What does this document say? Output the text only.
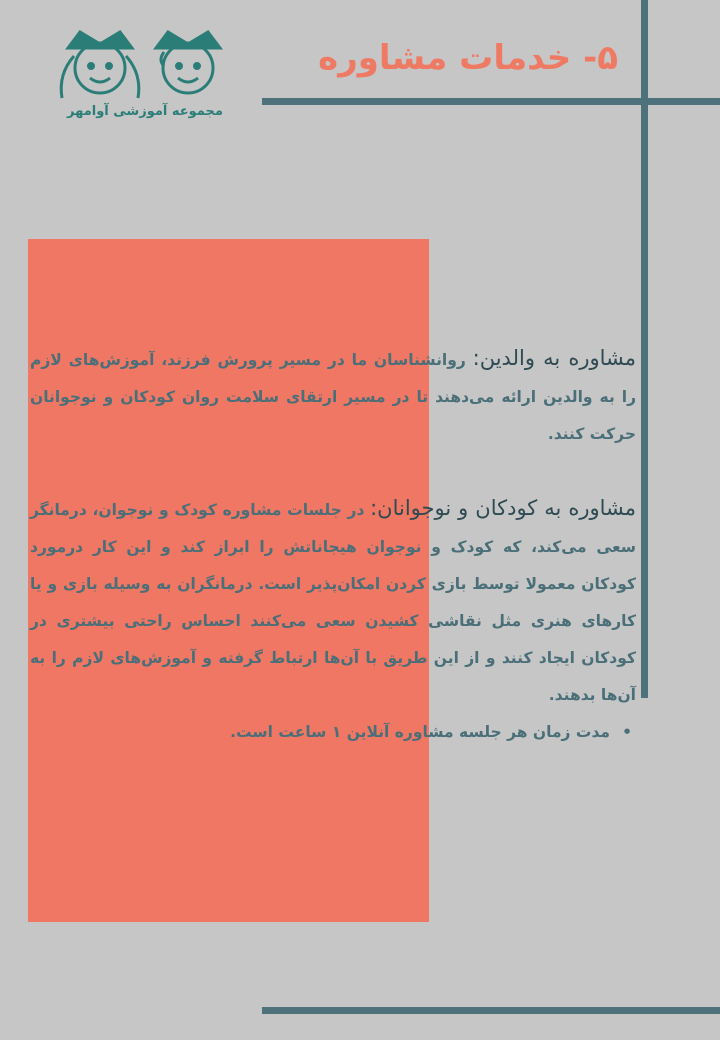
۵- خدمات مشاوره
مجموعه آموزشی آوامهر

مشاوره به والدین: روانشناسان ما در مسیر پرورش فرزند، آموزش‌های لازم را به والدین ارائه می‌دهند تا در مسیر ارتقای سلامت روان کودکان و نوجوانان حرکت کنند.

مشاوره به کودکان و نوجوانان: در جلسات مشاوره کودک و نوجوان، درمانگر سعی می‌کند، که کودک و نوجوان هیجاناتش را ابراز کند و این کار درمورد کودکان معمولا توسط بازی کردن امکان‌پذیر است. درمانگران به وسیله بازی و یا کارهای هنری مثل نقاشی کشیدن سعی می‌کنند احساس راحتی بیشتری در کودکان ایجاد کنند و از این طریق با آن‌ها ارتباط گرفته و آموزش‌های لازم را به آن‌ها بدهند.

•
مدت زمان هر جلسه مشاوره آنلاین ۱ ساعت است.
